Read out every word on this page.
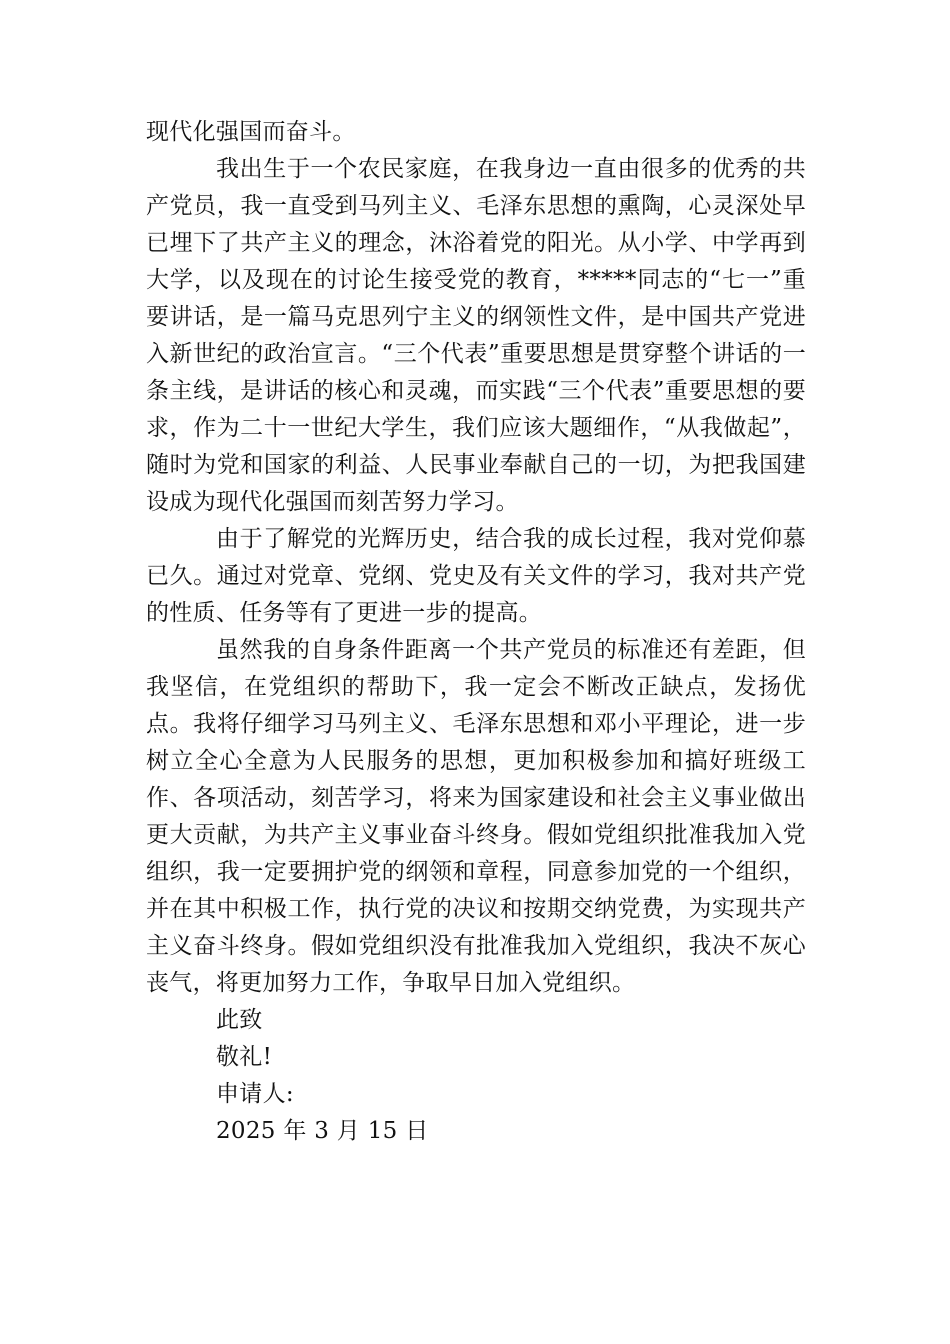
现代化强国而奋斗。

我出生于一个农民家庭，在我身边一直由很多的优秀的共产党员，我一直受到马列主义、毛泽东思想的熏陶，心灵深处早已埋下了共产主义的理念，沐浴着党的阳光。从小学、中学再到大学，以及现在的讨论生接受党的教育，*****同志的“七一”重要讲话，是一篇马克思列宁主义的纲领性文件，是中国共产党进入新世纪的政治宣言。“三个代表”重要思想是贯穿整个讲话的一条主线，是讲话的核心和灵魂，而实践“三个代表”重要思想的要求，作为二十一世纪大学生，我们应该大题细作，“从我做起”，随时为党和国家的利益、人民事业奉献自己的一切，为把我国建设成为现代化强国而刻苦努力学习。

由于了解党的光辉历史，结合我的成长过程，我对党仰慕已久。通过对党章、党纲、党史及有关文件的学习，我对共产党的性质、任务等有了更进一步的提高。

虽然我的自身条件距离一个共产党员的标准还有差距，但我坚信，在党组织的帮助下，我一定会不断改正缺点，发扬优点。我将仔细学习马列主义、毛泽东思想和邓小平理论，进一步树立全心全意为人民服务的思想，更加积极参加和搞好班级工作、各项活动，刻苦学习，将来为国家建设和社会主义事业做出更大贡献，为共产主义事业奋斗终身。假如党组织批准我加入党组织，我一定要拥护党的纲领和章程，同意参加党的一个组织，并在其中积极工作，执行党的决议和按期交纳党费，为实现共产主义奋斗终身。假如党组织没有批准我加入党组织，我决不灰心丧气，将更加努力工作，争取早日加入党组织。

此致

敬礼!

申请人:

2025 年 3 月 15 日
